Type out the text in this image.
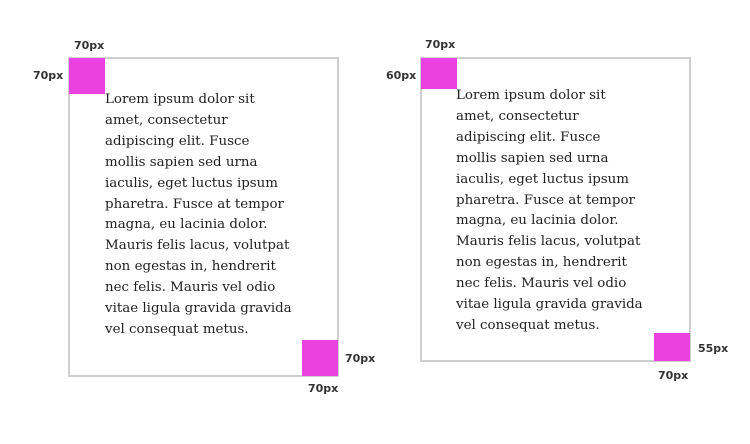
Lorem ipsum dolor sit
amet, consectetur
adipiscing elit. Fusce
mollis sapien sed urna
iaculis, eget luctus ipsum
pharetra. Fusce at tempor
magna, eu lacinia dolor.
Mauris felis lacus, volutpat
non egestas in, hendrerit
nec felis. Mauris vel odio
vitae ligula gravida gravida
vel consequat metus.

70px
70px
70px
70px

Lorem ipsum dolor sit
amet, consectetur
adipiscing elit. Fusce
mollis sapien sed urna
iaculis, eget luctus ipsum
pharetra. Fusce at tempor
magna, eu lacinia dolor.
Mauris felis lacus, volutpat
non egestas in, hendrerit
nec felis. Mauris vel odio
vitae ligula gravida gravida
vel consequat metus.

70px
60px
55px
70px
